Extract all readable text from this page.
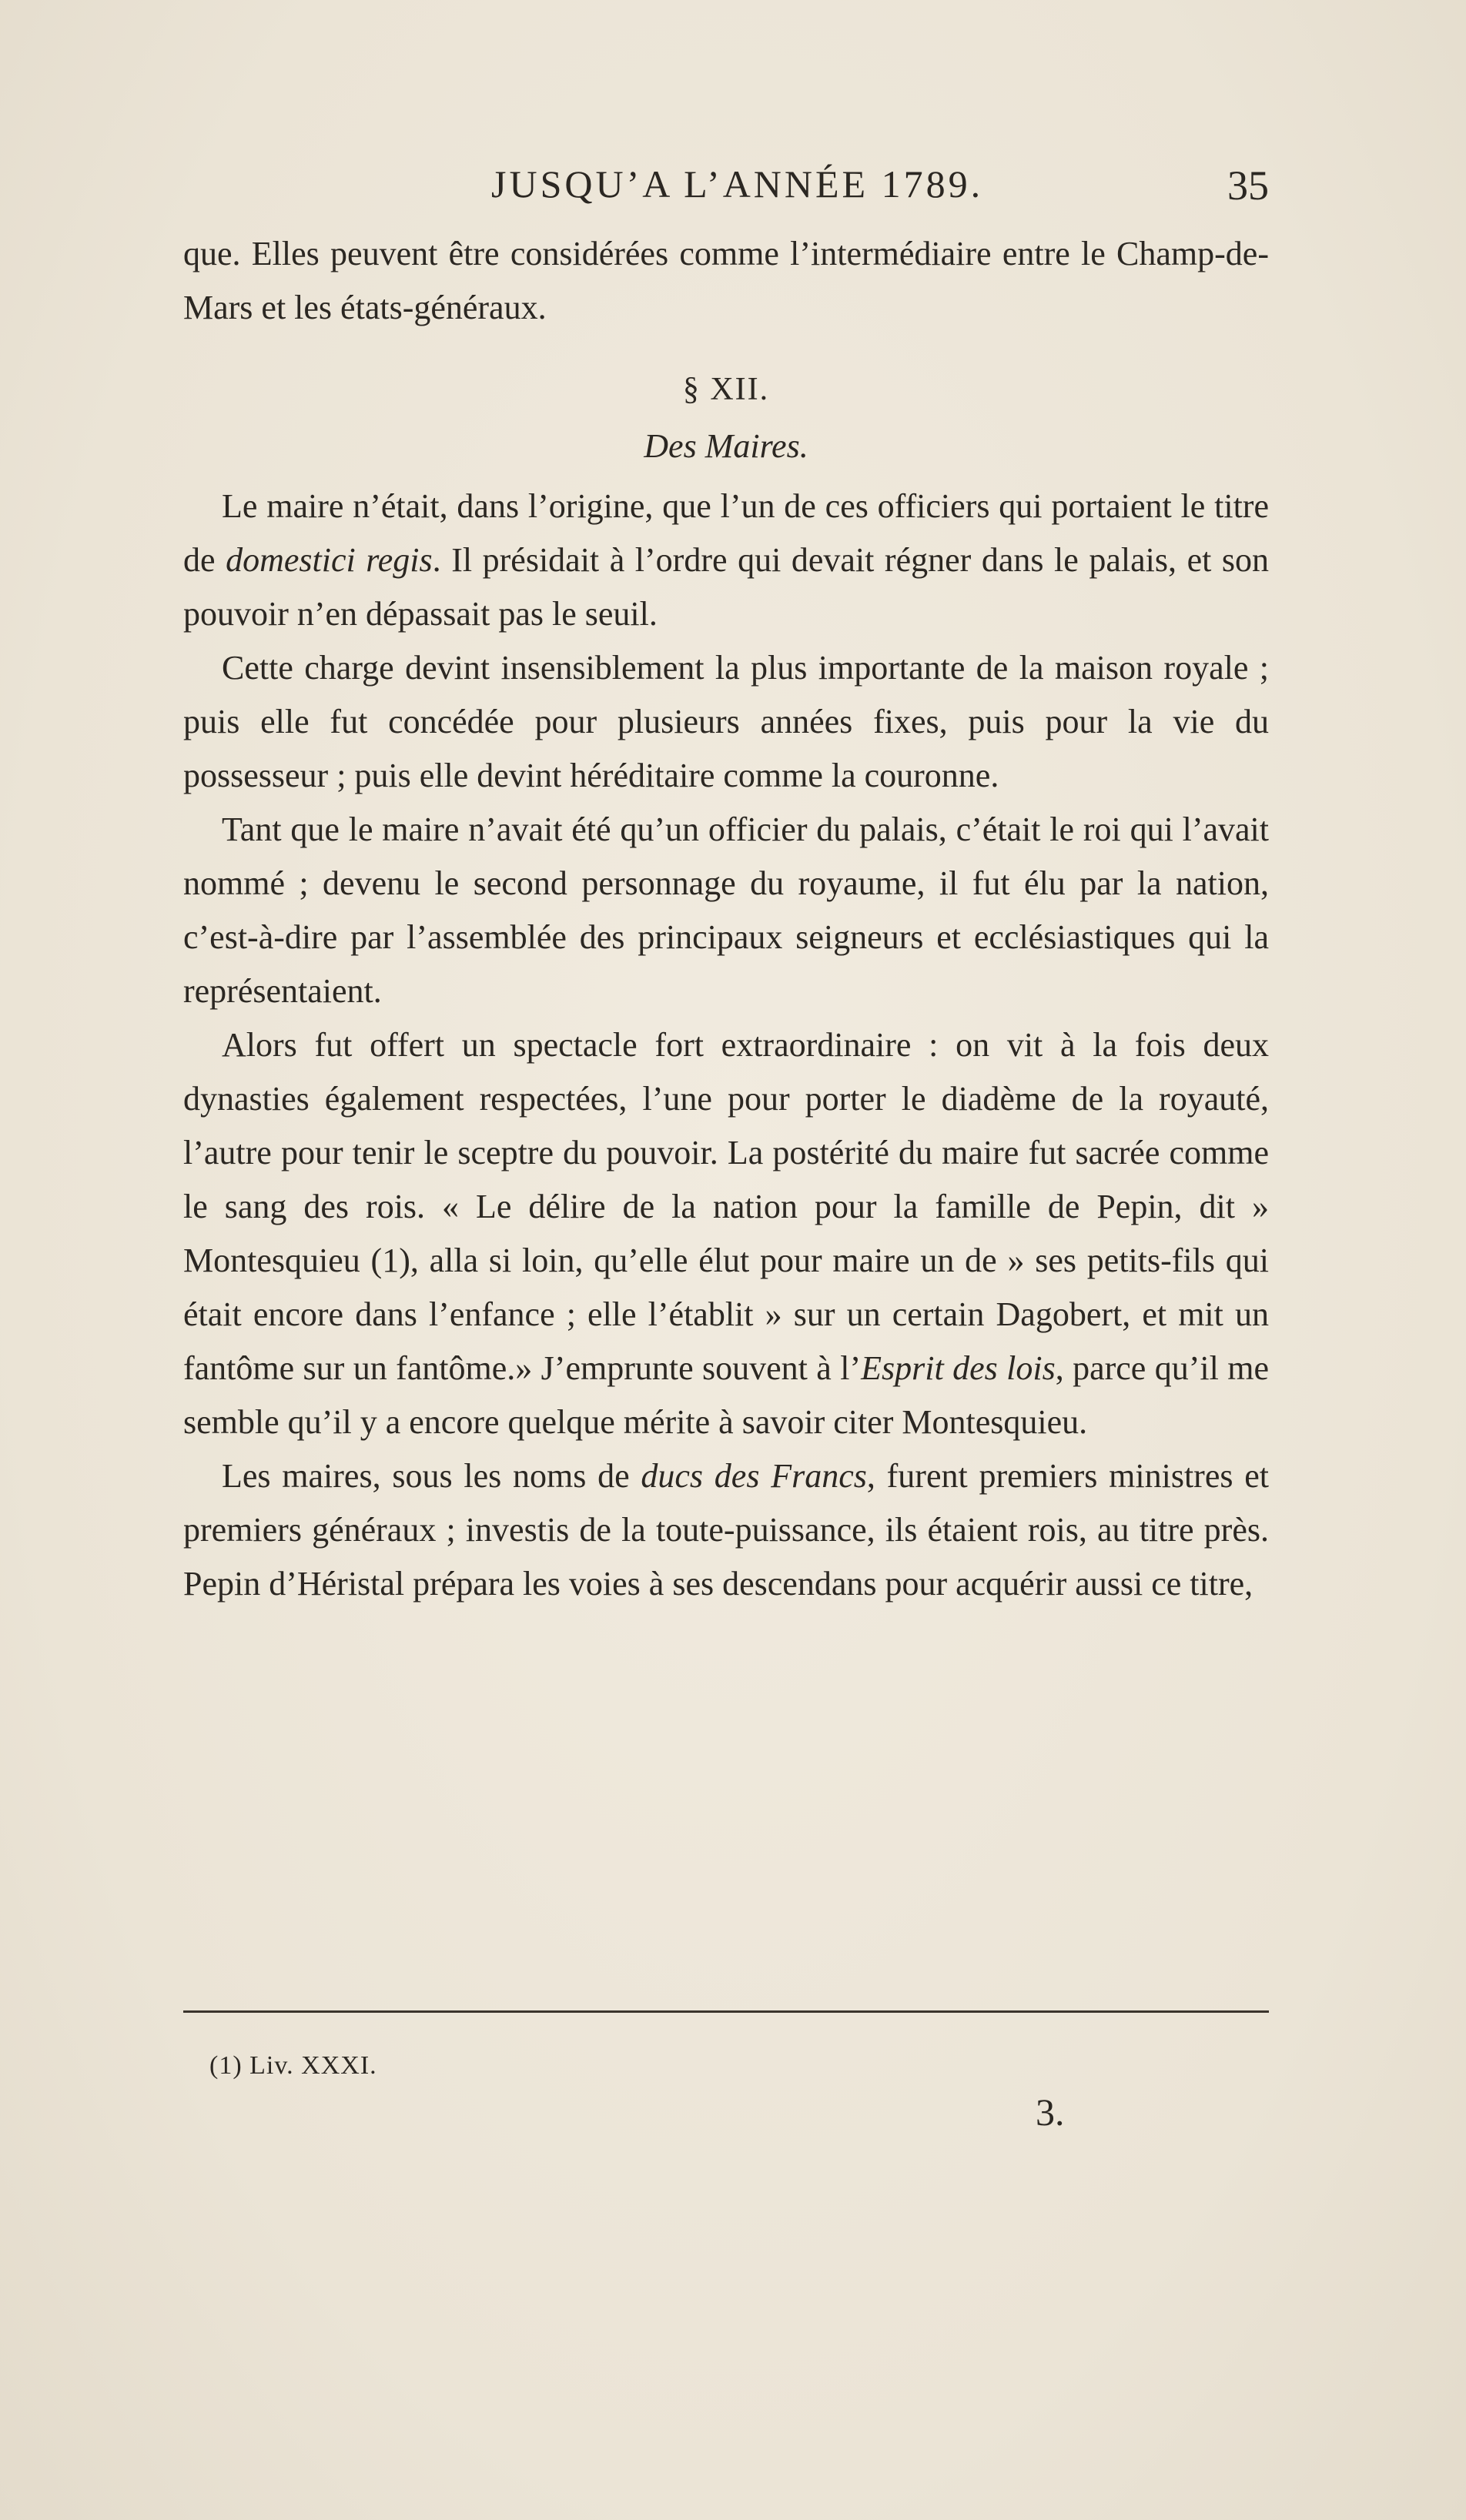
JUSQU’A L’ANNÉE 1789.	35

que. Elles peuvent être considérées comme l’intermédiaire entre le Champ-de-Mars et les états-généraux.

§ XII.

Des Maires.

Le maire n’était, dans l’origine, que l’un de ces officiers qui portaient le titre de domestici regis. Il présidait à l’ordre qui devait régner dans le palais, et son pouvoir n’en dépassait pas le seuil.

Cette charge devint insensiblement la plus importante de la maison royale ; puis elle fut concédée pour plusieurs années fixes, puis pour la vie du possesseur ; puis elle devint héréditaire comme la couronne.

Tant que le maire n’avait été qu’un officier du palais, c’était le roi qui l’avait nommé ; devenu le second personnage du royaume, il fut élu par la nation, c’est-à-dire par l’assemblée des principaux seigneurs et ecclésiastiques qui la représentaient.

Alors fut offert un spectacle fort extraordinaire : on vit à la fois deux dynasties également respectées, l’une pour porter le diadème de la royauté, l’autre pour tenir le sceptre du pouvoir. La postérité du maire fut sacrée comme le sang des rois. « Le délire de la nation pour la famille de Pepin, dit » Montesquieu (1), alla si loin, qu’elle élut pour maire un de » ses petits-fils qui était encore dans l’enfance ; elle l’établit » sur un certain Dagobert, et mit un fantôme sur un fantôme.» J’emprunte souvent à l’Esprit des lois, parce qu’il me semble qu’il y a encore quelque mérite à savoir citer Montesquieu.

Les maires, sous les noms de ducs des Francs, furent premiers ministres et premiers généraux ; investis de la toute-puissance, ils étaient rois, au titre près. Pepin d’Héristal prépara les voies à ses descendans pour acquérir aussi ce titre,

(1) Liv. XXXI.
3.
